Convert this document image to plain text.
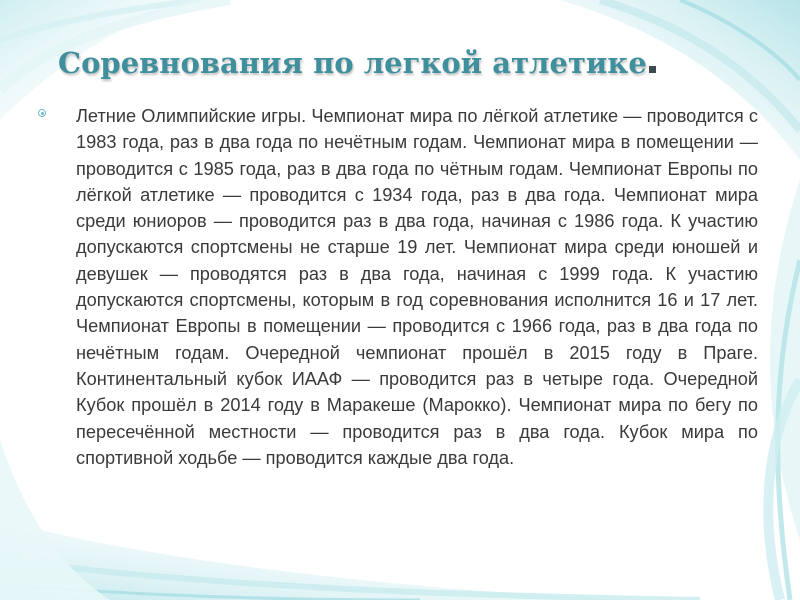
Соревнования по легкой атлетике

Летние Олимпийские игры. Чемпионат мира по лёгкой атлетике — проводится с 1983 года, раз в два года по нечётным годам. Чемпионат мира в помещении — проводится с 1985 года, раз в два года по чётным годам. Чемпионат Европы по лёгкой атлетике — проводится с 1934 года, раз в два года. Чемпионат мира среди юниоров — проводится раз в два года, начиная с 1986 года. К участию допускаются спортсмены не старше 19 лет. Чемпионат мира среди юношей и девушек — проводятся раз в два года, начиная с 1999 года. К участию допускаются спортсмены, которым в год соревнования исполнится 16 и 17 лет. Чемпионат Европы в помещении — проводится с 1966 года, раз в два года по нечётным годам. Очередной чемпионат прошёл в 2015 году в Праге. Континентальный кубок ИААФ — проводится раз в четыре года. Очередной Кубок прошёл в 2014 году в Маракеше (Марокко). Чемпионат мира по бегу по пересечённой местности — проводится раз в два года. Кубок мира по спортивной ходьбе — проводится каждые два года.
